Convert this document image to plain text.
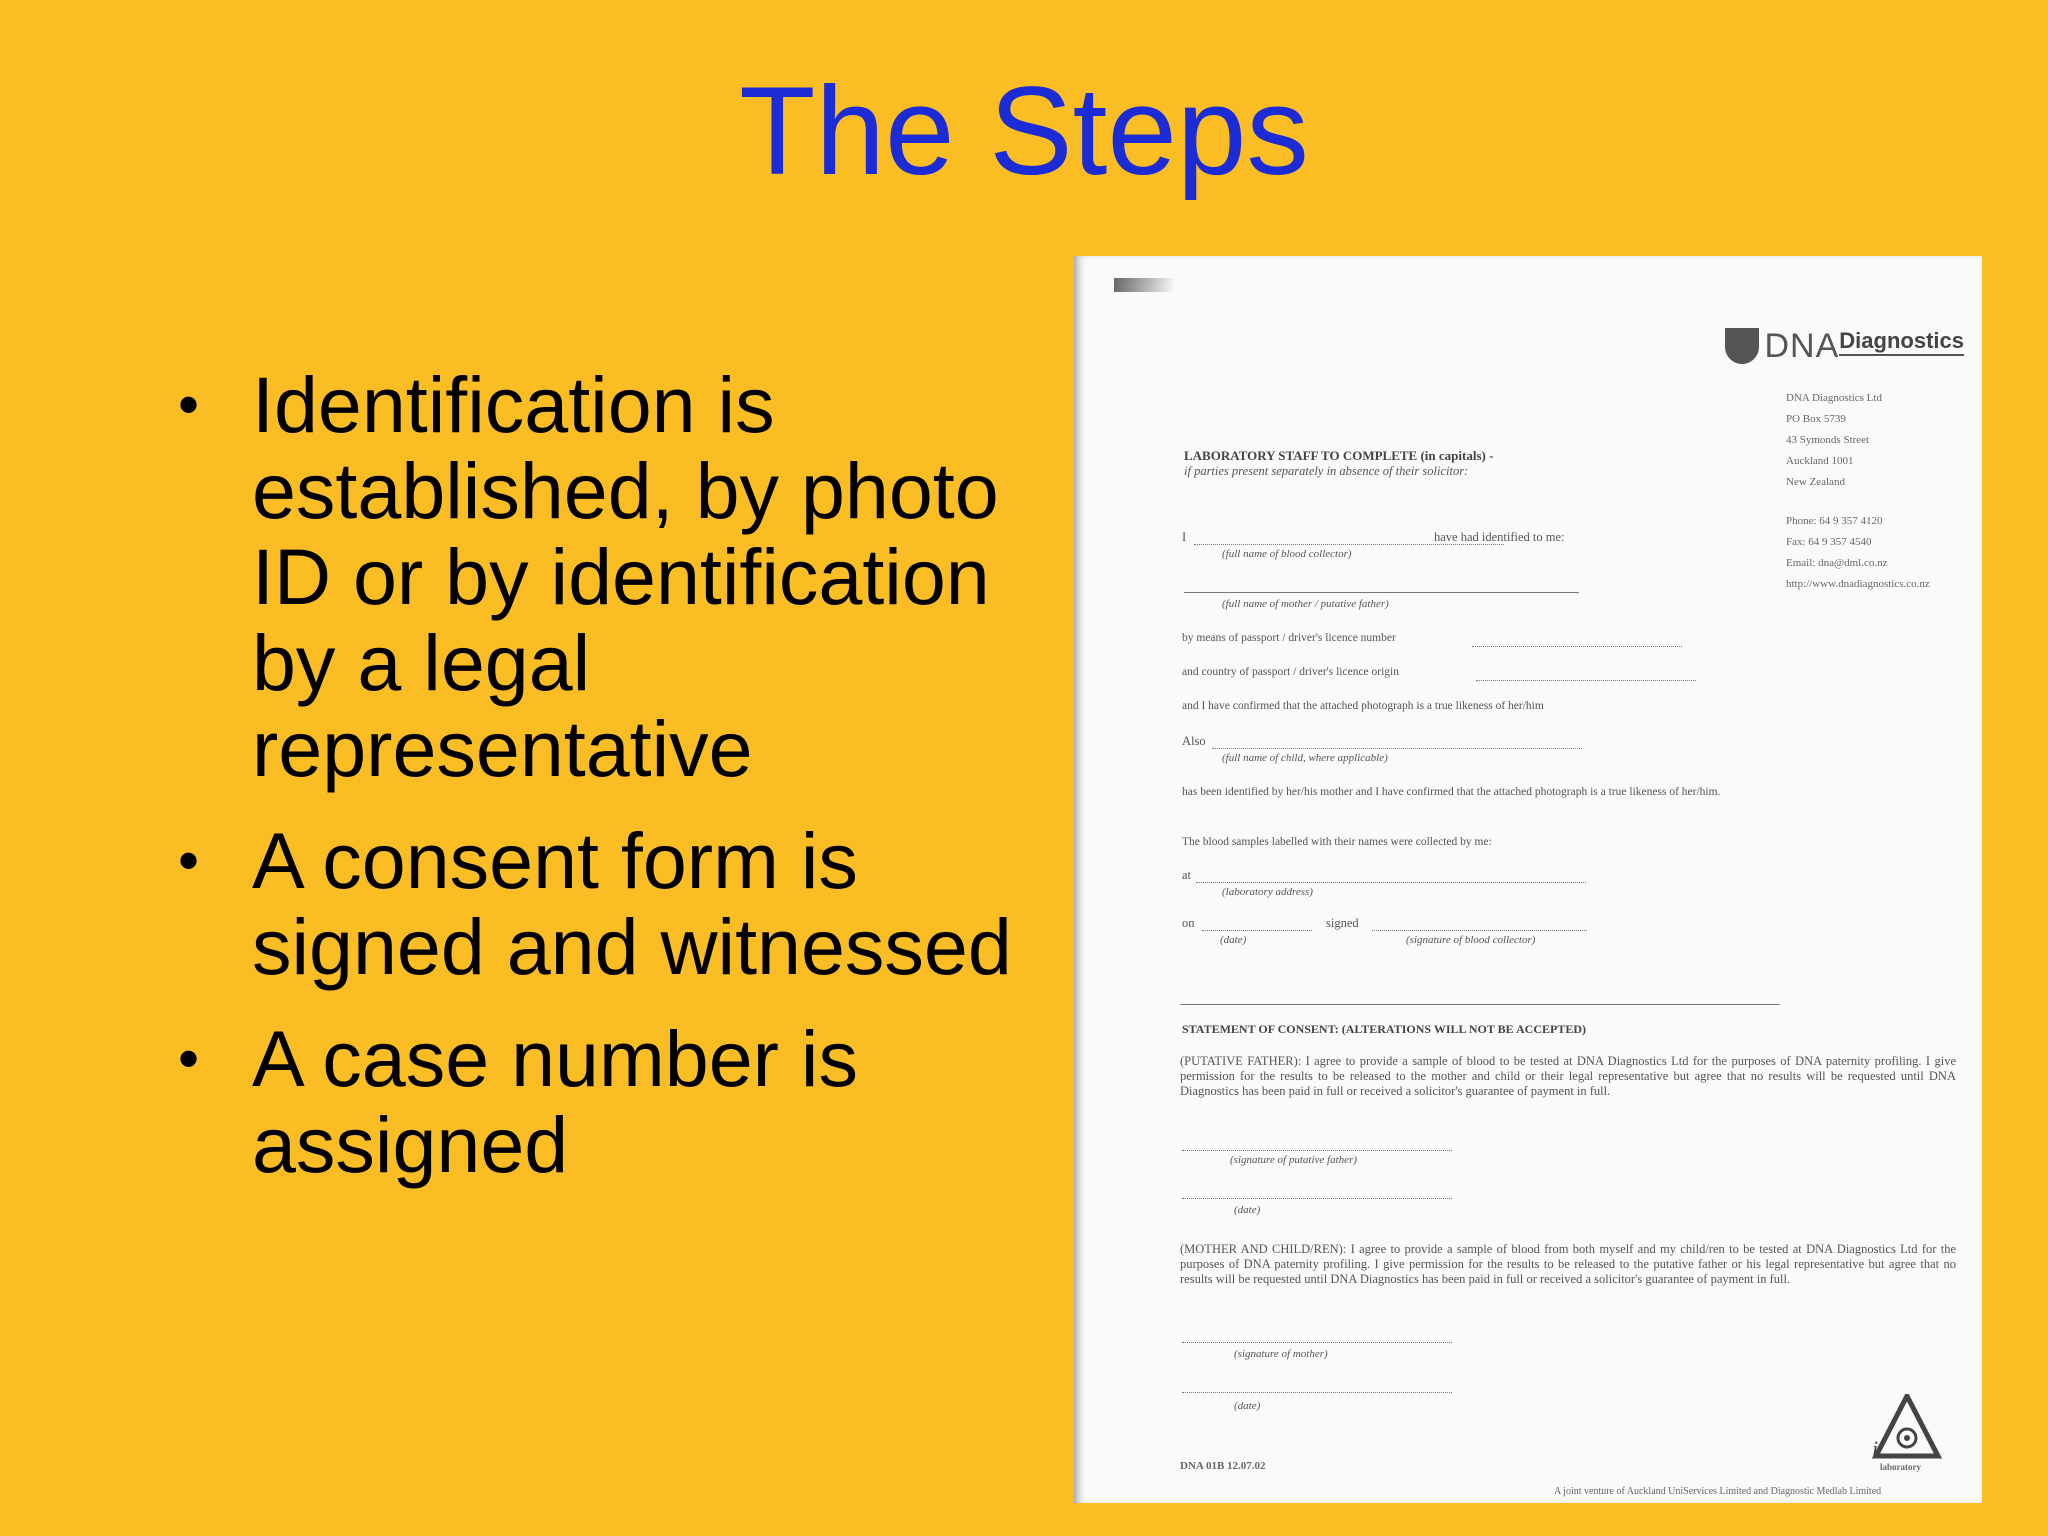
The Steps
• Identification is established, by photo ID or by identification by a legal representative
• A consent form is signed and witnessed
• A case number is assigned
DNA Diagnostics
DNA Diagnostics Ltd
PO Box 5739
43 Symonds Street
Auckland 1001
New Zealand
Phone: 64 9 357 4120
Fax: 64 9 357 4540
Email: dna@dml.co.nz
http://www.dnadiagnostics.co.nz
LABORATORY STAFF TO COMPLETE (in capitals) -
if parties present separately in absence of their solicitor:
I	have had identified to me:
(full name of blood collector)
(full name of mother / putative father)
by means of passport / driver's licence number
and country of passport / driver's licence origin
and I have confirmed that the attached photograph is a true likeness of her/him
Also
(full name of child, where applicable)
has been identified by her/his mother and I have confirmed that the attached photograph is a true likeness of her/him.
The blood samples labelled with their names were collected by me:
at
(laboratory address)
on	signed
(date)	(signature of blood collector)
STATEMENT OF CONSENT: (ALTERATIONS WILL NOT BE ACCEPTED)
(PUTATIVE FATHER): I agree to provide a sample of blood to be tested at DNA Diagnostics Ltd for the purposes of DNA paternity profiling. I give permission for the results to be released to the mother and child or their legal representative but agree that no results will be requested until DNA Diagnostics has been paid in full or received a solicitor's guarantee of payment in full.
(signature of putative father)
(date)
(MOTHER AND CHILD/REN): I agree to provide a sample of blood from both myself and my child/ren to be tested at DNA Diagnostics Ltd for the purposes of DNA paternity profiling. I give permission for the results to be released to the putative father or his legal representative but agree that no results will be requested until DNA Diagnostics has been paid in full or received a solicitor's guarantee of payment in full.
(signature of mother)
(date)
DNA 01B 12.07.02
A joint venture of Auckland UniServices Limited and Diagnostic Medlab Limited
i
laboratory
